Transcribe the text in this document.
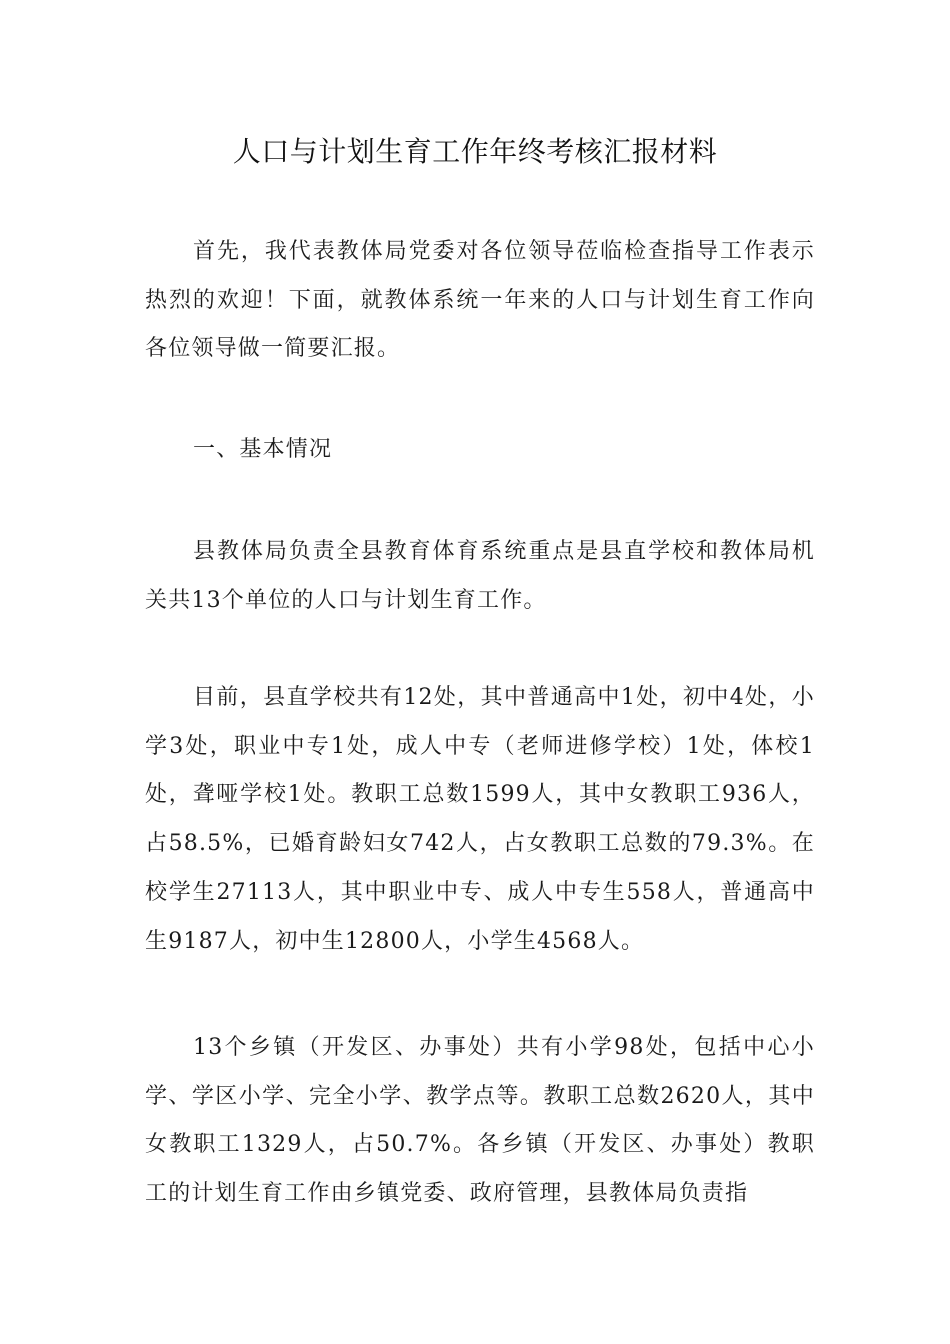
人口与计划生育工作年终考核汇报材料

首先，我代表教体局党委对各位领导莅临检查指导工作表示热烈的欢迎！下面，就教体系统一年来的人口与计划生育工作向各位领导做一简要汇报。

一、基本情况

县教体局负责全县教育体育系统重点是县直学校和教体局机关共13个单位的人口与计划生育工作。

目前，县直学校共有12处，其中普通高中1处，初中4处，小学3处，职业中专1处，成人中专（老师进修学校）1处，体校1处，聋哑学校1处。教职工总数1599人，其中女教职工936人，占58.5%，已婚育龄妇女742人，占女教职工总数的79.3%。在校学生27113人，其中职业中专、成人中专生558人，普通高中生9187人，初中生12800人，小学生4568人。

13个乡镇（开发区、办事处）共有小学98处，包括中心小学、学区小学、完全小学、教学点等。教职工总数2620人，其中女教职工1329人，占50.7%。各乡镇（开发区、办事处）教职工的计划生育工作由乡镇党委、政府管理，县教体局负责指
